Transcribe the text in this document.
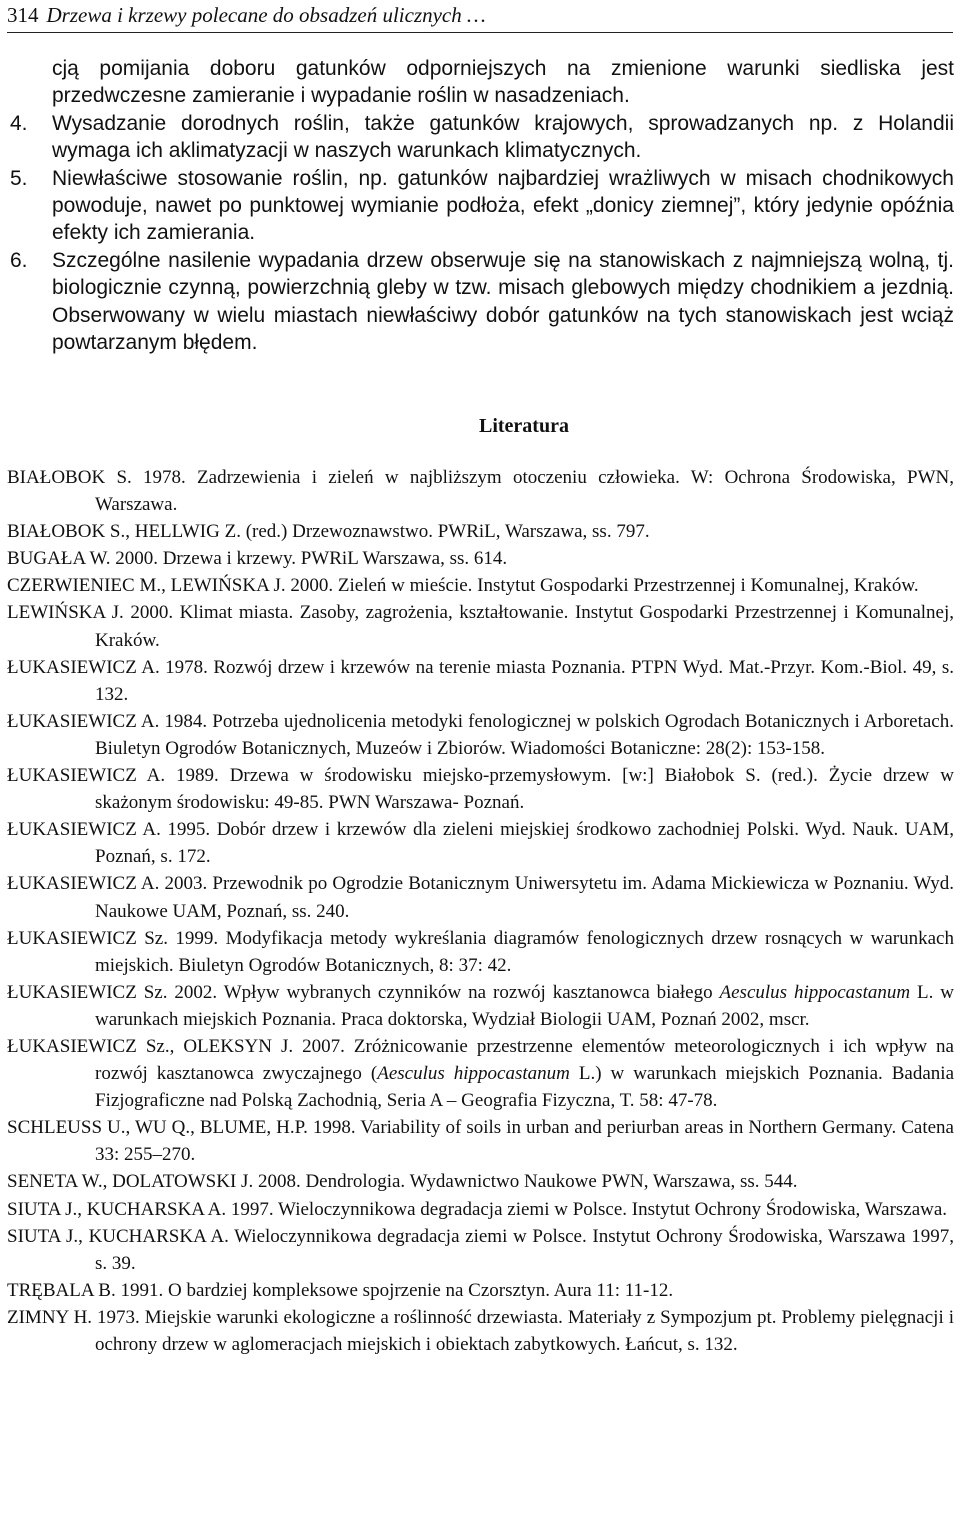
314 Drzewa i krzewy polecane do obsadzeń ulicznych …

cją pomijania doboru gatunków odporniejszych na zmienione warunki siedliska jest przedwczesne zamieranie i wypadanie roślin w nasadzeniach.

4. Wysadzanie dorodnych roślin, także gatunków krajowych, sprowadzanych np. z Holandii wymaga ich aklimatyzacji w naszych warunkach klimatycznych.
5. Niewłaściwe stosowanie roślin, np. gatunków najbardziej wrażliwych w misach chodnikowych powoduje, nawet po punktowej wymianie podłoża, efekt „donicy ziemnej”, który jedynie opóźnia efekty ich zamierania.
6. Szczególne nasilenie wypadania drzew obserwuje się na stanowiskach z najmniejszą wolną, tj. biologicznie czynną, powierzchnią gleby w tzw. misach glebowych między chodnikiem a jezdnią. Obserwowany w wielu miastach niewłaściwy dobór gatunków na tych stanowiskach jest wciąż powtarzanym błędem.
Literatura

BIAŁOBOK S. 1978. Zadrzewienia i zieleń w najbliższym otoczeniu człowieka. W: Ochrona Środowiska, PWN, Warszawa.

BIAŁOBOK S., HELLWIG Z. (red.) Drzewoznawstwo. PWRiL, Warszawa, ss. 797.

BUGAŁA W. 2000. Drzewa i krzewy. PWRiL Warszawa, ss. 614.

CZERWIENIEC M., LEWIŃSKA J. 2000. Zieleń w mieście. Instytut Gospodarki Przestrzennej i Komunalnej, Kraków.

LEWIŃSKA J. 2000. Klimat miasta. Zasoby, zagrożenia, kształtowanie. Instytut Gospodarki Przestrzennej i Komunalnej, Kraków.

ŁUKASIEWICZ A. 1978. Rozwój drzew i krzewów na terenie miasta Poznania. PTPN Wyd. Mat.-Przyr. Kom.-Biol. 49, s. 132.

ŁUKASIEWICZ A. 1984. Potrzeba ujednolicenia metodyki fenologicznej w polskich Ogrodach Botanicznych i Arboretach. Biuletyn Ogrodów Botanicznych, Muzeów i Zbiorów. Wiadomości Botaniczne: 28(2): 153-158.

ŁUKASIEWICZ A. 1989. Drzewa w środowisku miejsko-przemysłowym. [w:] Białobok S. (red.). Życie drzew w skażonym środowisku: 49-85. PWN Warszawa- Poznań.

ŁUKASIEWICZ A. 1995. Dobór drzew i krzewów dla zieleni miejskiej środkowo zachodniej Polski. Wyd. Nauk. UAM, Poznań, s. 172.

ŁUKASIEWICZ A. 2003. Przewodnik po Ogrodzie Botanicznym Uniwersytetu im. Adama Mickiewicza w Poznaniu. Wyd. Naukowe UAM, Poznań, ss. 240.

ŁUKASIEWICZ Sz. 1999. Modyfikacja metody wykreślania diagramów fenologicznych drzew rosnących w warunkach miejskich. Biuletyn Ogrodów Botanicznych, 8: 37: 42.

ŁUKASIEWICZ Sz. 2002. Wpływ wybranych czynników na rozwój kasztanowca białego Aesculus hippocastanum L. w warunkach miejskich Poznania. Praca doktorska, Wydział Biologii UAM, Poznań 2002, mscr.

ŁUKASIEWICZ Sz., OLEKSYN J. 2007. Zróżnicowanie przestrzenne elementów meteorologicznych i ich wpływ na rozwój kasztanowca zwyczajnego (Aesculus hippocastanum L.) w warunkach miejskich Poznania. Badania Fizjograficzne nad Polską Zachodnią, Seria A – Geografia Fizyczna, T. 58: 47-78.

SCHLEUSS U., WU Q., BLUME, H.P. 1998. Variability of soils in urban and periurban areas in Northern Germany. Catena 33: 255–270.

SENETA W., DOLATOWSKI J. 2008. Dendrologia. Wydawnictwo Naukowe PWN, Warszawa, ss. 544.

SIUTA J., KUCHARSKA A. 1997. Wieloczynnikowa degradacja ziemi w Polsce. Instytut Ochrony Środowiska, Warszawa.

SIUTA J., KUCHARSKA A. Wieloczynnikowa degradacja ziemi w Polsce. Instytut Ochrony Środowiska, Warszawa 1997, s. 39.

TRĘBALA B. 1991. O bardziej kompleksowe spojrzenie na Czorsztyn. Aura 11: 11-12.

ZIMNY H. 1973. Miejskie warunki ekologiczne a roślinność drzewiasta. Materiały z Sympozjum pt. Problemy pielęgnacji i ochrony drzew w aglomeracjach miejskich i obiektach zabytkowych. Łańcut, s. 132.
